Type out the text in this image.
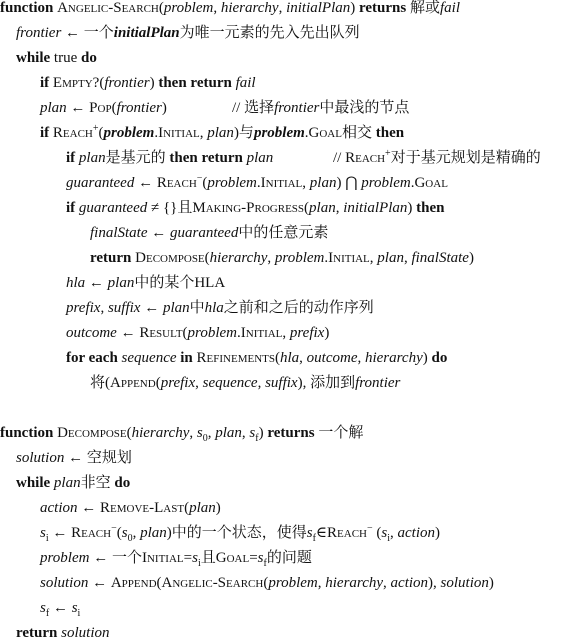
function Angelic-Search(problem, hierarchy, initialPlan) returns 解或fail
frontier ← 一个initialPlan为唯一元素的先入先出队列
while true do
if Empty?(frontier) then return fail
plan ← Pop(frontier)	// 选择frontier中最浅的节点
if Reach+(problem.Initial, plan)与problem.Goal相交 then
if plan是基元的 then return plan	// Reach+对于基元规划是精确的
guaranteed ← Reach−(problem.Initial, plan) ⋂ problem.Goal
if guaranteed ≠ {}且Making-Progress(plan, initialPlan) then
finalState ← guaranteed中的任意元素
return Decompose(hierarchy, problem.Initial, plan, finalState)
hla ← plan中的某个HLA
prefix, suffix ← plan中hla之前和之后的动作序列
outcome ← Result(problem.Initial, prefix)
for each sequence in Refinements(hla, outcome, hierarchy) do
将(Append(prefix, sequence, suffix), 添加到frontier
function Decompose(hierarchy, $s_0$, plan, $s_f$) returns 一个解
solution ← 空规划
while plan非空 do
action ← Remove-Last(plan)
$s_i$ ← $Reach^-(s_0$, plan)中的一个状态，使得$s_f\in Reach^-$ ($s_i$, action)
problem ← 一个$Initial=s_i$且$Goal=s_f$的问题
solution ← Append(Angelic-Search(problem, hierarchy, action), solution)
$s_f$ ← $s_i$
return solution
